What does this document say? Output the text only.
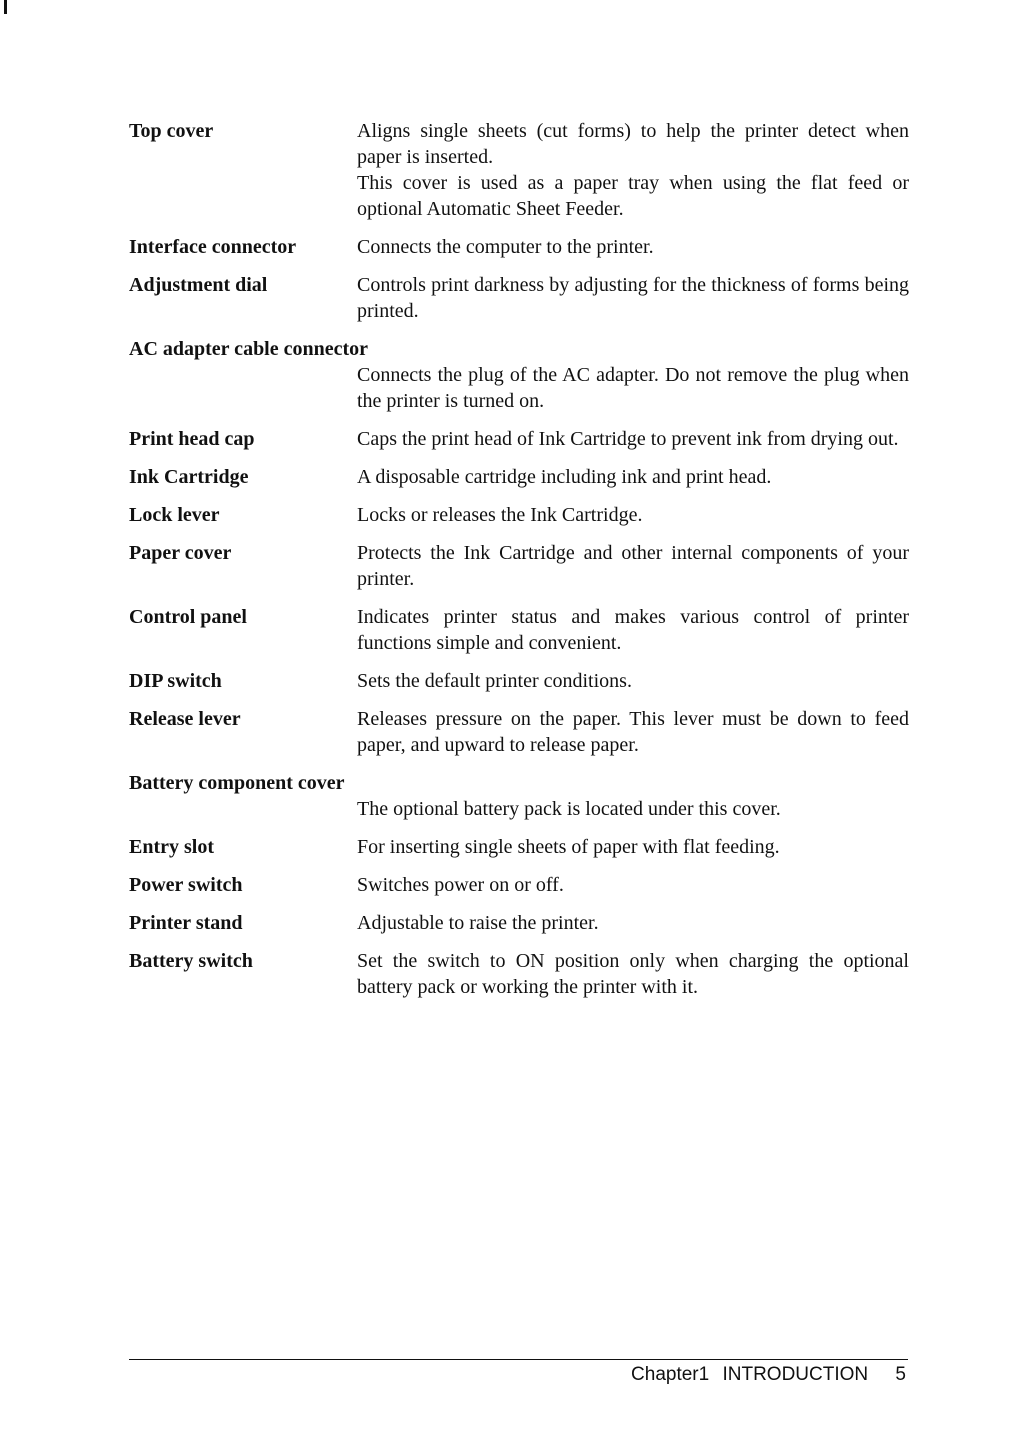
Top cover	Aligns single sheets (cut forms) to help the printer detect when paper is inserted.

This cover is used as a paper tray when using the flat feed or optional Automatic Sheet Feeder.

Interface connector	Connects the computer to the printer.

Adjustment dial	Controls print darkness by adjusting for the thickness of forms being printed.

AC adapter cable connector

Connects the plug of the AC adapter. Do not remove the plug when the printer is turned on.

Print head cap	Caps the print head of Ink Cartridge to prevent ink from drying out.

Ink Cartridge	A disposable cartridge including ink and print head.

Lock lever	Locks or releases the Ink Cartridge.

Paper cover	Protects the Ink Cartridge and other internal components of your printer.

Control panel	Indicates printer status and makes various control of printer functions simple and convenient.

DIP switch	Sets the default printer conditions.

Release lever	Releases pressure on the paper. This lever must be down to feed paper, and upward to release paper.

Battery component cover

The optional battery pack is located under this cover.

Entry slot	For inserting single sheets of paper with flat feeding.

Power switch	Switches power on or off.

Printer stand	Adjustable to raise the printer.

Battery switch	Set the switch to ON position only when charging the optional battery pack or working the printer with it.

Chapter1 INTRODUCTION 5
